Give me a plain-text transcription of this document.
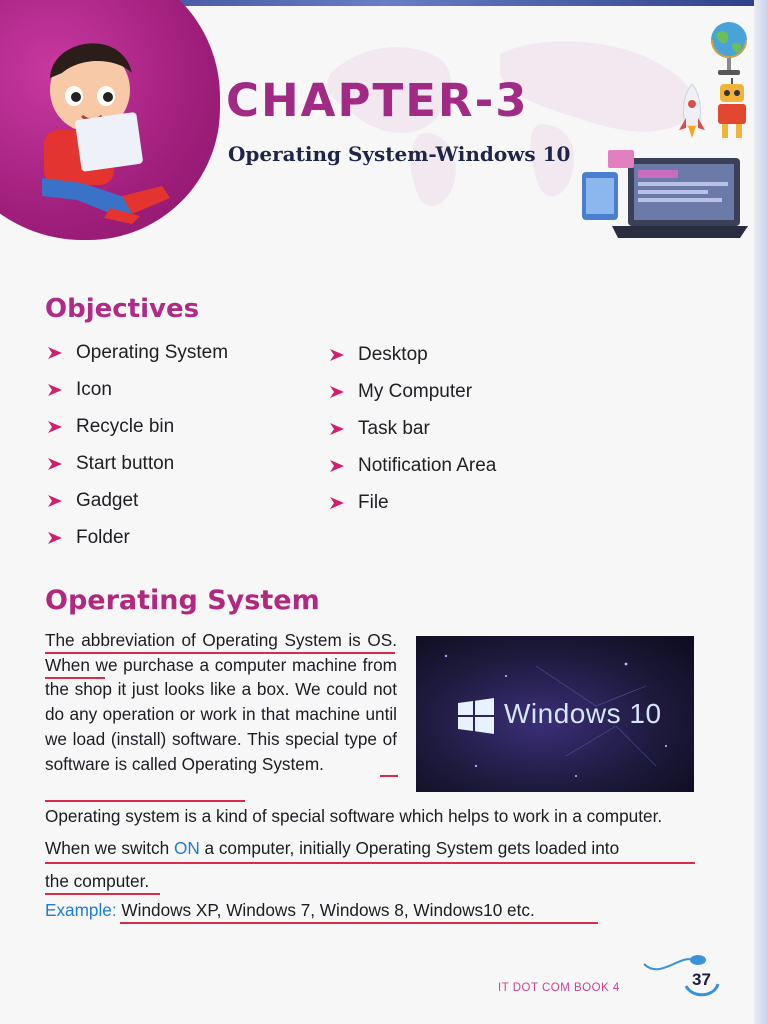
CHAPTER-3
Operating System-Windows 10
Objectives
Operating System
Icon
Recycle bin
Start button
Gadget
Folder
Desktop
My Computer
Task bar
Notification Area
File
Operating System
The abbreviation of Operating System is OS. When we purchase a computer machine from the shop it just looks like a box. We could not do any operation or work in that machine until we load (install) software. This special type of software is called Operating System.
Windows 10
Operating system is a kind of special software which helps to work in a computer.
When we switch ON a computer, initially Operating System gets loaded into
the computer.
Example: Windows XP, Windows 7, Windows 8, Windows10 etc.
IT DOT COM BOOK 4	37
